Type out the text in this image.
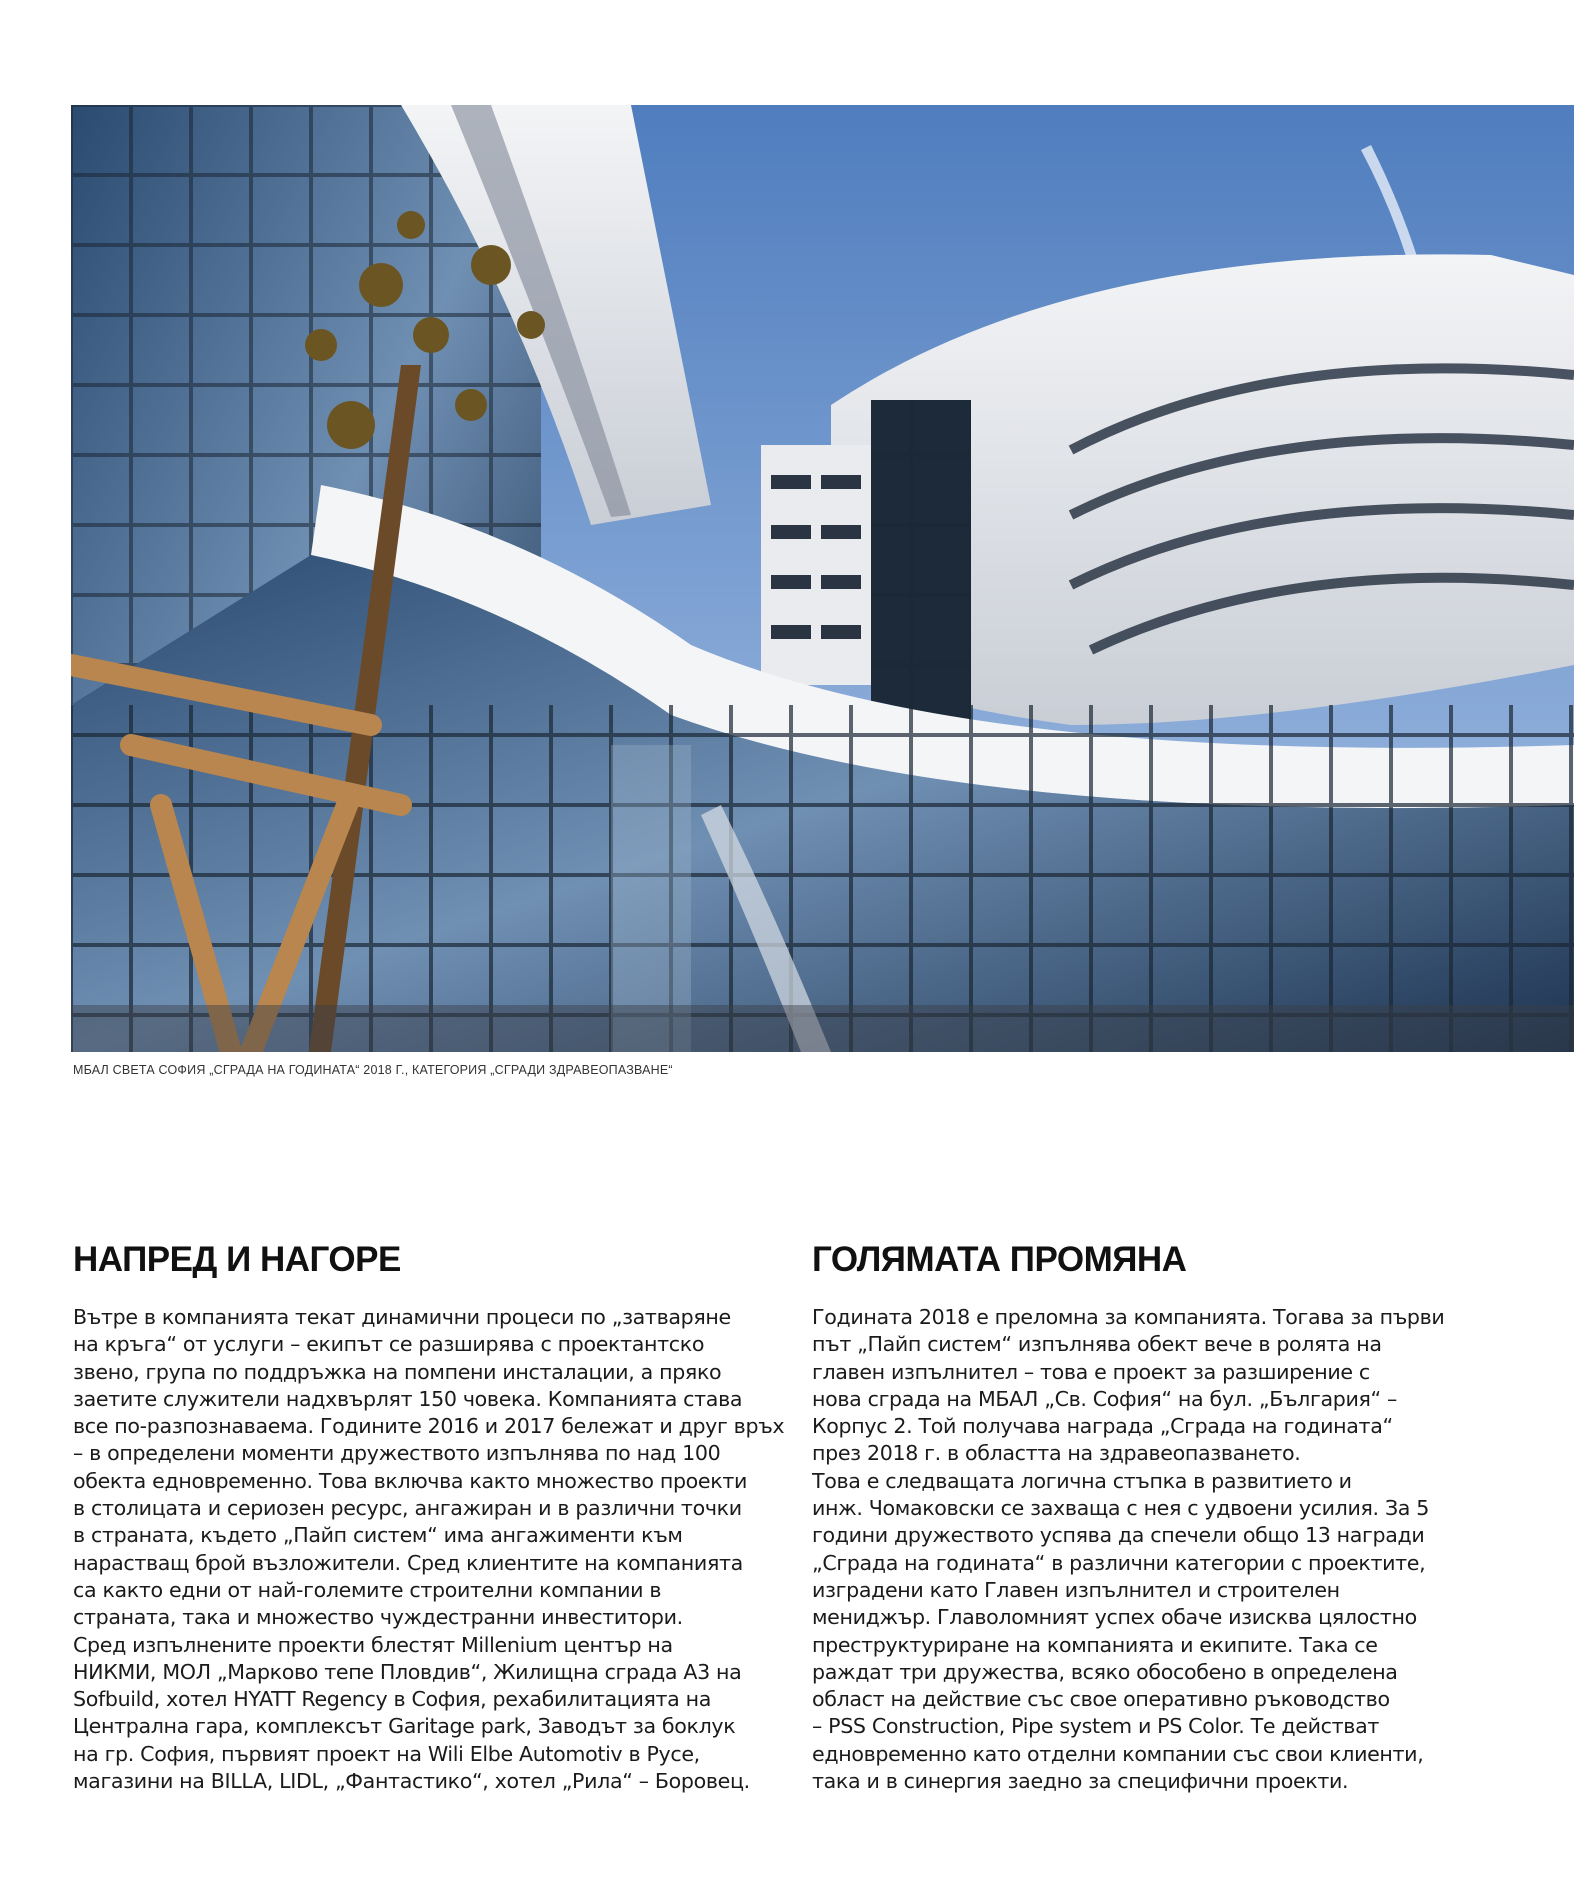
МБАЛ СВЕТА СОФИЯ „СГРАДА НА ГОДИНАТА“ 2018 Г., КАТЕГОРИЯ „СГРАДИ ЗДРАВЕОПАЗВАНЕ“
НАПРЕД И НАГОРЕ

Вътре в компанията текат динамични процеси по „затваряне
на кръга“ от услуги – екипът се разширява с проектантско
звено, група по поддръжка на помпени инсталации, а пряко
заетите служители надхвърлят 150 човека. Компанията става
все по-разпознаваема. Годините 2016 и 2017 бележат и друг връх
– в определени моменти дружеството изпълнява по над 100
обекта едновременно. Това включва както множество проекти
в столицата и сериозен ресурс, ангажиран и в различни точки
в страната, където „Пайп систем“ има ангажименти към
нарастващ брой възложители. Сред клиентите на компанията
са както едни от най-големите строителни компании в
страната, така и множество чуждестранни инвеститори.
Сред изпълнените проекти блестят Millenium център на
НИКМИ, МОЛ „Марково тепе Пловдив“, Жилищна сграда А3 на
Sofbuild, хотел HYATT Regency в София, рехабилитацията на
Централна гара, комплексът Garitage park, Заводът за боклук
на гр. София, първият проект на Wili Elbe Automotiv в Русе,
магазини на BILLA, LIDL, „Фантастико“, хотел „Рила“ – Боровец.

ГОЛЯМАТА ПРОМЯНА

Годината 2018 е преломна за компанията. Тогава за първи
път „Пайп систем“ изпълнява обект вече в ролята на
главен изпълнител – това е проект за разширение с
нова сграда на МБАЛ „Св. София“ на бул. „България“ –
Корпус 2. Той получава награда „Сграда на годината“
през 2018 г. в областта на здравеопазването.
Това е следващата логична стъпка в развитието и
инж. Чомаковски се захваща с нея с удвоени усилия. За 5
години дружеството успява да спечели общо 13 награди
„Сграда на годината“ в различни категории с проектите,
изградени като Главен изпълнител и строителен
мениджър. Главоломният успех обаче изисква цялостно
преструктуриране на компанията и екипите. Така се
раждат три дружества, всяко обособено в определена
област на действие със свое оперативно ръководство
– PSS Construction, Pipe system и PS Color. Те действат
едновременно като отделни компании със свои клиенти,
така и в синергия заедно за специфични проекти.
